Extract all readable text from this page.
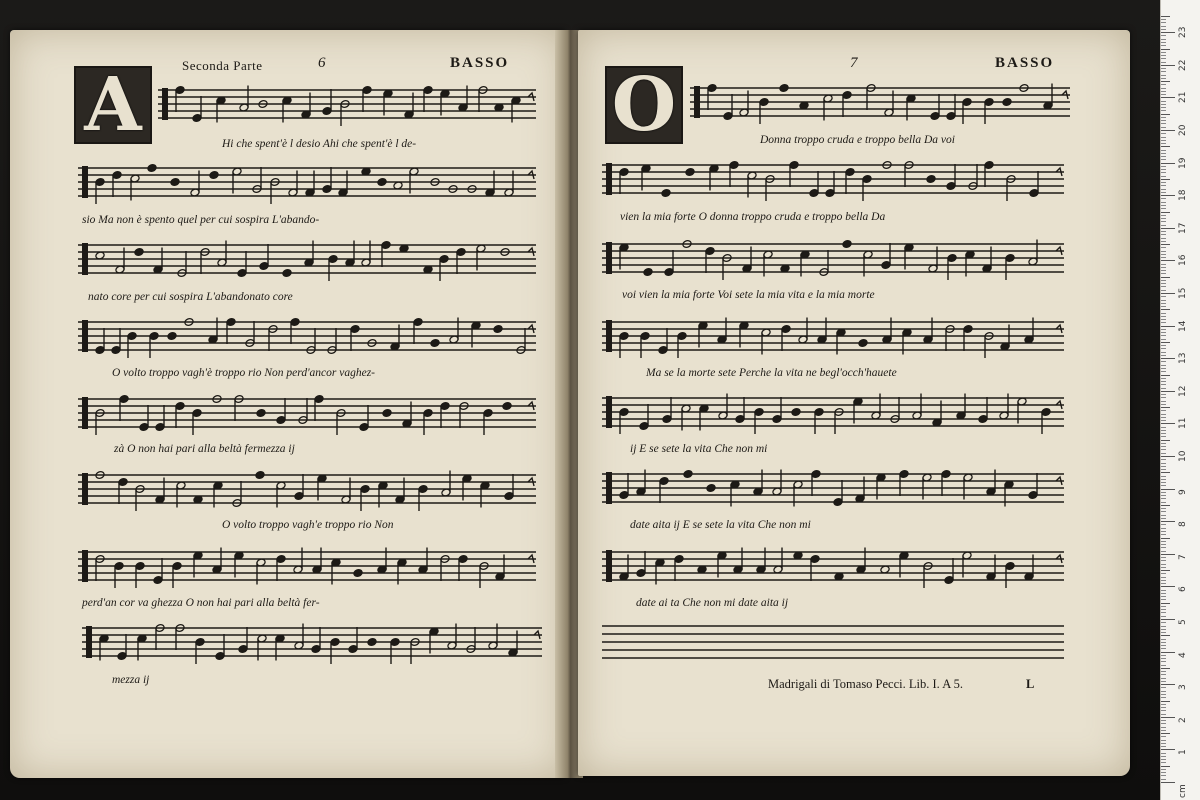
Seconda Parte	6	BASSO
A	7	BASSO
O
Hi che spent'è l desio Ahi che spent'è l de-
sio Ma non è spento quel per cui sospira L'abando-
nato core per cui sospira L'abandonato core
O volto troppo vagh'è troppo rio Non perd'ancor vaghez-
zà O non hai pari alla beltà fermezza ij
O volto troppo vagh'e troppo rio Non
perd'an cor va ghezza O non hai pari alla beltà fer-
mezza ij
Donna troppo cruda e troppo bella Da voi
vien la mia forte O donna troppo cruda e troppo bella Da
voi vien la mia forte Voi sete la mia vita e la mia morte
Ma se la morte sete Perche la vita ne begl'occh'hauete
ij E se sete la vita Che non mi
date aita ij E se sete la vita Che non mi
date ai ta Che non mi date aita ij
Madrigali di Tomaso Pecci. Lib. I. A 5.	L
1
2
3
4
5
6
7
8
9
10
11
12
13
14
15
16
17
18
19
20
21
22
23
cm
